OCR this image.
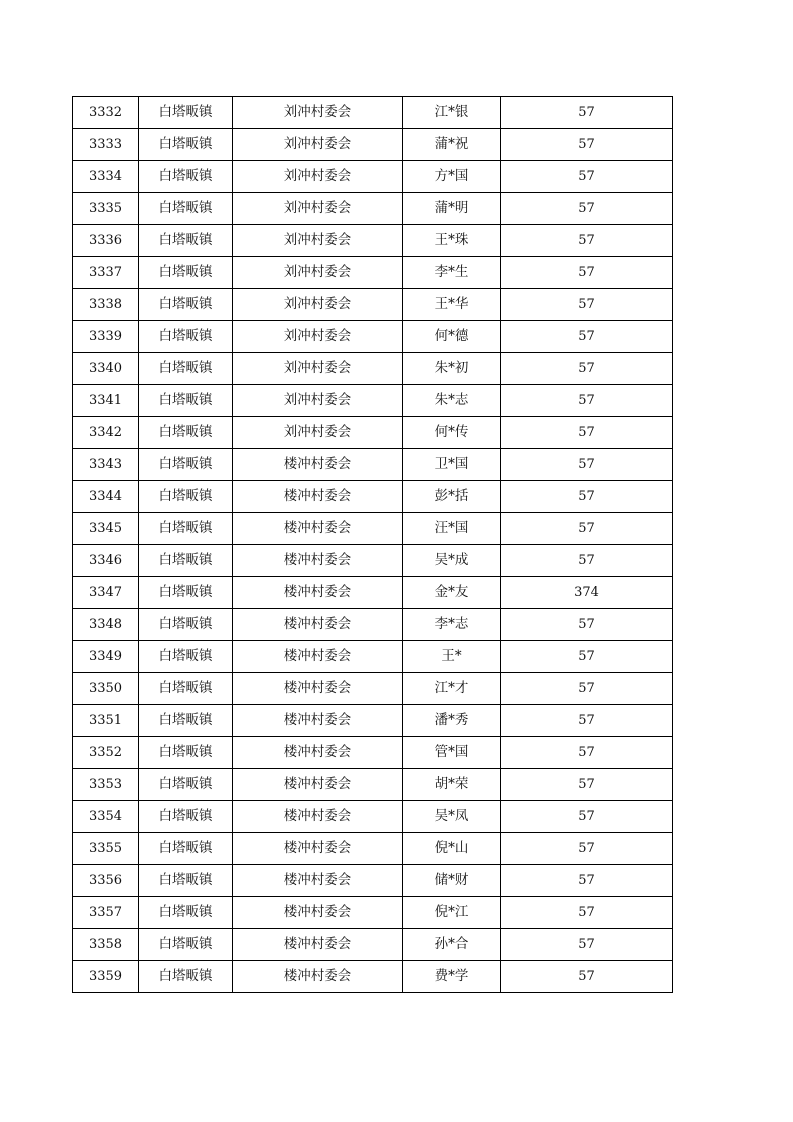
3332	白塔畈镇	刘冲村委会	江*银	57
3333	白塔畈镇	刘冲村委会	蒲*祝	57
3334	白塔畈镇	刘冲村委会	方*国	57
3335	白塔畈镇	刘冲村委会	蒲*明	57
3336	白塔畈镇	刘冲村委会	王*珠	57
3337	白塔畈镇	刘冲村委会	李*生	57
3338	白塔畈镇	刘冲村委会	王*华	57
3339	白塔畈镇	刘冲村委会	何*德	57
3340	白塔畈镇	刘冲村委会	朱*初	57
3341	白塔畈镇	刘冲村委会	朱*志	57
3342	白塔畈镇	刘冲村委会	何*传	57
3343	白塔畈镇	楼冲村委会	卫*国	57
3344	白塔畈镇	楼冲村委会	彭*括	57
3345	白塔畈镇	楼冲村委会	汪*国	57
3346	白塔畈镇	楼冲村委会	吴*成	57
3347	白塔畈镇	楼冲村委会	金*友	374
3348	白塔畈镇	楼冲村委会	李*志	57
3349	白塔畈镇	楼冲村委会	王*	57
3350	白塔畈镇	楼冲村委会	江*才	57
3351	白塔畈镇	楼冲村委会	潘*秀	57
3352	白塔畈镇	楼冲村委会	管*国	57
3353	白塔畈镇	楼冲村委会	胡*荣	57
3354	白塔畈镇	楼冲村委会	吴*凤	57
3355	白塔畈镇	楼冲村委会	倪*山	57
3356	白塔畈镇	楼冲村委会	储*财	57
3357	白塔畈镇	楼冲村委会	倪*江	57
3358	白塔畈镇	楼冲村委会	孙*合	57
3359	白塔畈镇	楼冲村委会	费*学	57
